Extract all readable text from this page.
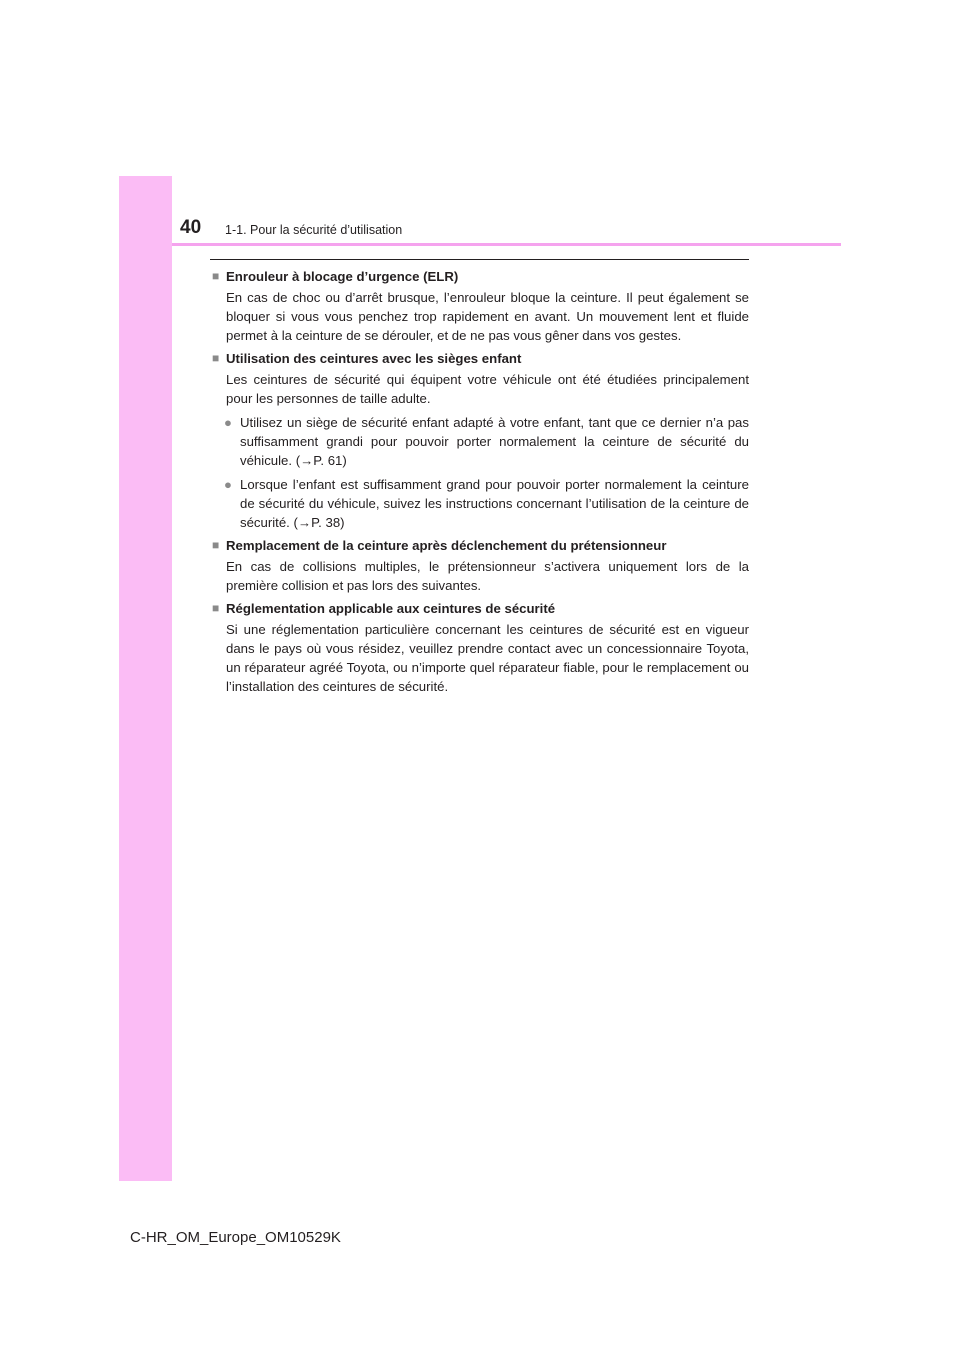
40 1-1. Pour la sécurité d’utilisation
■ Enrouleur à blocage d’urgence (ELR)
En cas de choc ou d’arrêt brusque, l’enrouleur bloque la ceinture. Il peut également se bloquer si vous vous penchez trop rapidement en avant. Un mouvement lent et fluide permet à la ceinture de se dérouler, et de ne pas vous gêner dans vos gestes.
■ Utilisation des ceintures avec les sièges enfant
Les ceintures de sécurité qui équipent votre véhicule ont été étudiées principalement pour les personnes de taille adulte.
● Utilisez un siège de sécurité enfant adapté à votre enfant, tant que ce dernier n’a pas suffisamment grandi pour pouvoir porter normalement la ceinture de sécurité du véhicule. (→P. 61)
● Lorsque l’enfant est suffisamment grand pour pouvoir porter normalement la ceinture de sécurité du véhicule, suivez les instructions concernant l’utilisation de la ceinture de sécurité. (→P. 38)
■ Remplacement de la ceinture après déclenchement du prétensionneur
En cas de collisions multiples, le prétensionneur s’activera uniquement lors de la première collision et pas lors des suivantes.
■ Réglementation applicable aux ceintures de sécurité
Si une réglementation particulière concernant les ceintures de sécurité est en vigueur dans le pays où vous résidez, veuillez prendre contact avec un concessionnaire Toyota, un réparateur agréé Toyota, ou n’importe quel réparateur fiable, pour le remplacement ou l’installation des ceintures de sécurité.
C-HR_OM_Europe_OM10529K
